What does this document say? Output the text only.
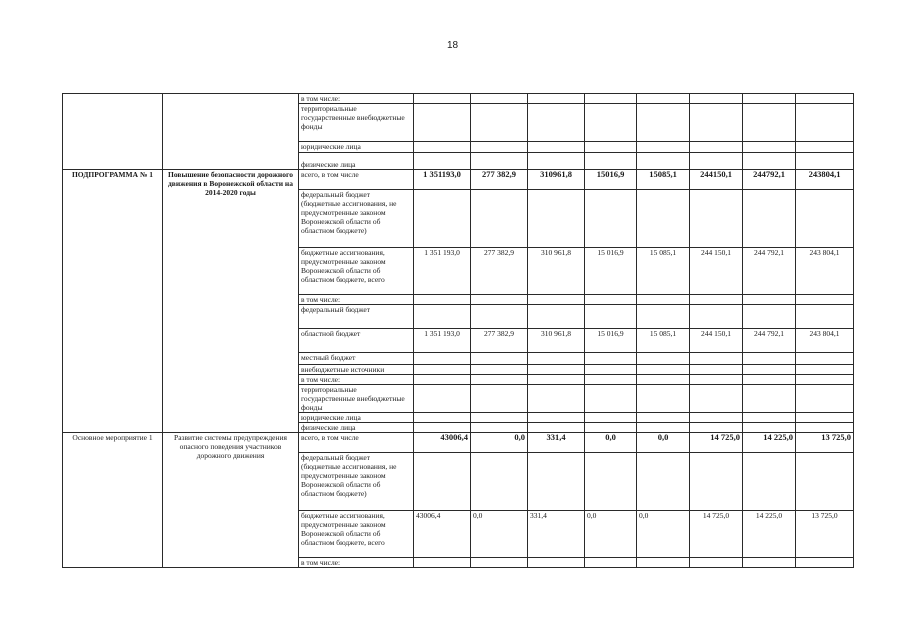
18
		в том числе:								
		территориальные государственные внебюджетные фонды								
		юридические лица								
		физические лица								
ПОДПРОГРАММА № 1	Повышение безопасности дорожного движения в Воронежской области на 2014-2020 годы	всего, в том числе	1 351193,0	277 382,9	310961,8	15016,9	15085,1	244150,1	244792,1	243804,1
		федеральный бюджет (бюджетные ассигнования, не предусмотренные законом Воронежской области об областном бюджете)								
		бюджетные ассигнования, предусмотренные законом Воронежской области об областном бюджете, всего	1 351 193,0	277 382,9	310 961,8	15 016,9	15 085,1	244 150,1	244 792,1	243 804,1
		в том числе:								
		федеральный бюджет								
		областной бюджет	1 351 193,0	277 382,9	310 961,8	15 016,9	15 085,1	244 150,1	244 792,1	243 804,1
		местный бюджет								
		внебюджетные источники								
		в том числе:								
		территориальные государственные внебюджетные фонды								
		юридические лица								
		физические лица								
Основное мероприятие 1	Развитие системы предупреждения опасного поведения участников дорожного движения	всего, в том числе	43006,4	0,0	331,4	0,0	0,0	14 725,0	14 225,0	13 725,0
		федеральный бюджет (бюджетные ассигнования, не предусмотренные законом Воронежской области об областном бюджете)								
		бюджетные ассигнования, предусмотренные законом Воронежской области об областном бюджете, всего	43006,4	0,0	331,4	0,0	0,0	14 725,0	14 225,0	13 725,0
		в том числе:								
